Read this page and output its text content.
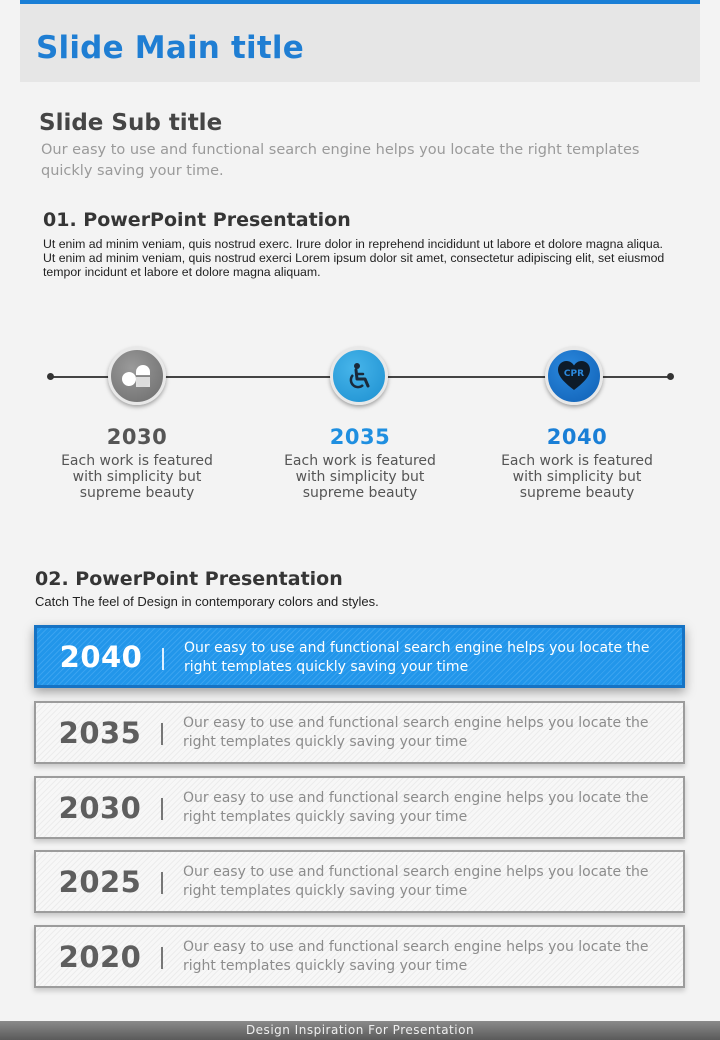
Slide Main title
Slide Sub title
Our easy to use and functional search engine helps you locate the right templates quickly saving your time.
01. PowerPoint Presentation
Ut enim ad minim veniam, quis nostrud exerc. Irure dolor in reprehend incididunt ut labore et dolore magna aliqua. Ut enim ad minim veniam, quis nostrud exerci Lorem ipsum dolor sit amet, consectetur adipiscing elit, set eiusmod tempor incidunt et labore et dolore magna aliquam.
CPR
2030
Each work is featured with simplicity but supreme beauty
2035
Each work is featured with simplicity but supreme beauty
2040
Each work is featured with simplicity but supreme beauty
02. PowerPoint Presentation
Catch The feel of Design in contemporary colors and styles.
2040	Our easy to use and functional search engine helps you locate the right templates quickly saving your time
2035	Our easy to use and functional search engine helps you locate the right templates quickly saving your time
2030	Our easy to use and functional search engine helps you locate the right templates quickly saving your time
2025	Our easy to use and functional search engine helps you locate the right templates quickly saving your time
2020	Our easy to use and functional search engine helps you locate the right templates quickly saving your time
Design Inspiration For Presentation
